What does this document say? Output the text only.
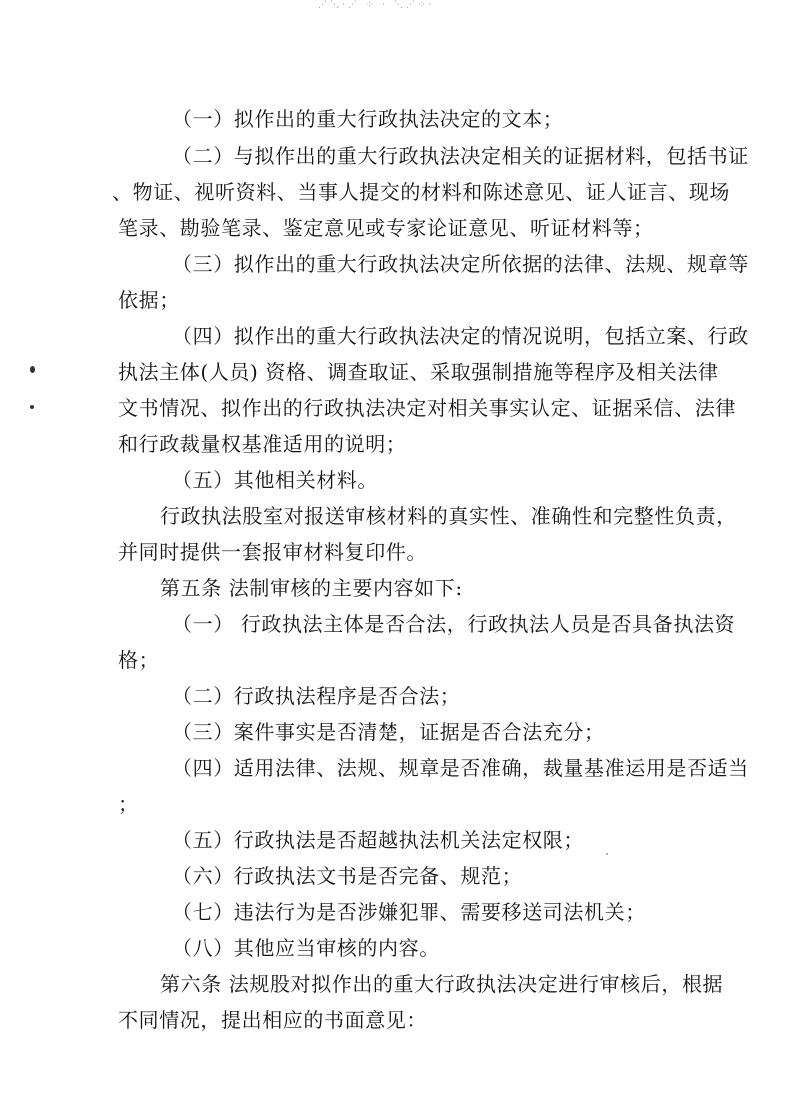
⋰⋱·⋰ ⁘ · ⋱⋰⁘·
（一）拟作出的重大行政执法决定的文本；
（二）与拟作出的重大行政执法决定相关的证据材料，包括书证
、物证、视听资料、当事人提交的材料和陈述意见、证人证言、现场
笔录、勘验笔录、鉴定意见或专家论证意见、听证材料等；
（三）拟作出的重大行政执法决定所依据的法律、法规、规章等
依据；
（四）拟作出的重大行政执法决定的情况说明，包括立案、行政
执法主体(人员) 资格、调查取证、采取强制措施等程序及相关法律
文书情况、拟作出的行政执法决定对相关事实认定、证据采信、法律
和行政裁量权基准适用的说明；
（五）其他相关材料。
行政执法股室对报送审核材料的真实性、准确性和完整性负责，
并同时提供一套报审材料复印件。
第五条 法制审核的主要内容如下:
（一） 行政执法主体是否合法，行政执法人员是否具备执法资
格；
（二）行政执法程序是否合法；
（三）案件事实是否清楚，证据是否合法充分；
（四）适用法律、法规、规章是否准确，裁量基准运用是否适当
；
（五）行政执法是否超越执法机关法定权限；
（六）行政执法文书是否完备、规范；
（七）违法行为是否涉嫌犯罪、需要移送司法机关；
（八）其他应当审核的内容。
第六条 法规股对拟作出的重大行政执法决定进行审核后，根据
不同情况，提出相应的书面意见：
